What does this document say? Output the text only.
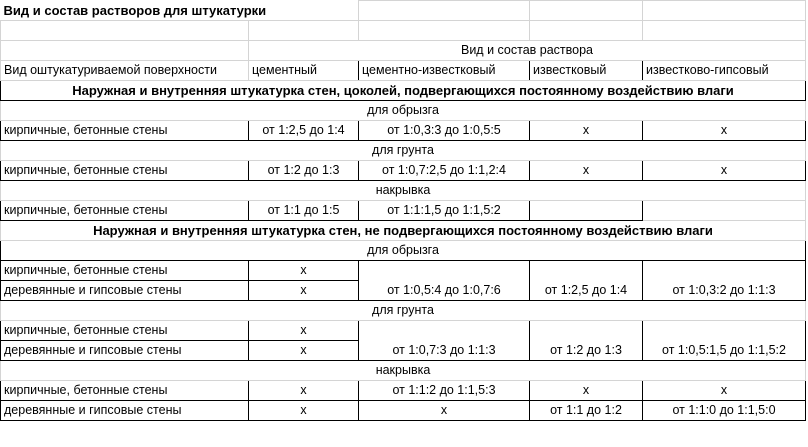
Вид и состав растворов для штукатурки				

	Вид и состав раствора			
Вид оштукатуриваемой поверхности	цементный	цементно-известковый	известковый	известково-гипсовый
Наружная и внутренняя штукатурка стен, цоколей, подвергающихся постоянному воздействию влаги				
для обрызга				
кирпичные, бетонные стены	от 1:2,5 до 1:4	от 1:0,3:3 до 1:0,5:5	х	х
для грунта				
кирпичные, бетонные стены	от 1:2 до 1:3	от 1:0,7:2,5 до 1:1,2:4	х	х
накрывка				
кирпичные, бетонные стены	от 1:1 до 1:5	от 1:1:1,5 до 1:1,5:2		
Наружная и внутренняя штукатурка стен, не подвергающихся постоянному воздействию влаги				
для обрызга				
кирпичные, бетонные стены	х	от 1:0,5:4 до 1:0,7:6	от 1:2,5 до 1:4	от 1:0,3:2 до 1:1:3
деревянные и гипсовые стены	х			
для грунта				
кирпичные, бетонные стены	х	от 1:0,7:3 до 1:1:3	от 1:2 до 1:3	от 1:0,5:1,5 до 1:1,5:2
деревянные и гипсовые стены	х			
накрывка				
кирпичные, бетонные стены	х	от 1:1:2 до 1:1,5:3	х	х
деревянные и гипсовые стены	х	х	от 1:1 до 1:2	от 1:1:0 до 1:1,5:0
